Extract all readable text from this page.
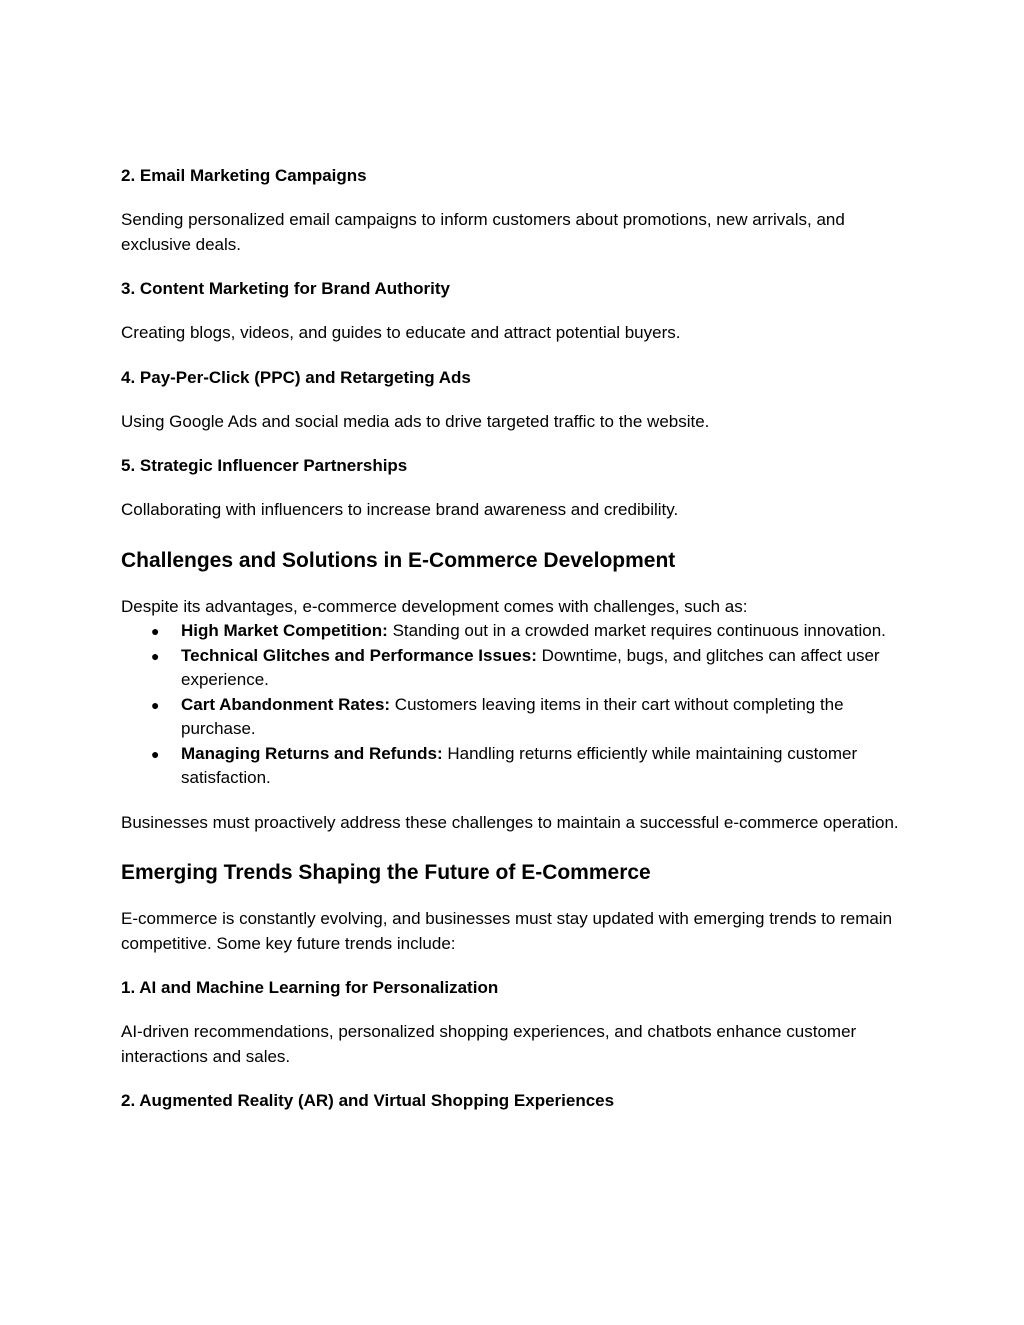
2. Email Marketing Campaigns

Sending personalized email campaigns to inform customers about promotions, new arrivals, and exclusive deals.

3. Content Marketing for Brand Authority

Creating blogs, videos, and guides to educate and attract potential buyers.

4. Pay-Per-Click (PPC) and Retargeting Ads

Using Google Ads and social media ads to drive targeted traffic to the website.

5. Strategic Influencer Partnerships

Collaborating with influencers to increase brand awareness and credibility.

Challenges and Solutions in E-Commerce Development

Despite its advantages, e-commerce development comes with challenges, such as:

● High Market Competition: Standing out in a crowded market requires continuous innovation.
● Technical Glitches and Performance Issues: Downtime, bugs, and glitches can affect user experience.
● Cart Abandonment Rates: Customers leaving items in their cart without completing the purchase.
● Managing Returns and Refunds: Handling returns efficiently while maintaining customer satisfaction.

Businesses must proactively address these challenges to maintain a successful e-commerce operation.

Emerging Trends Shaping the Future of E-Commerce

E-commerce is constantly evolving, and businesses must stay updated with emerging trends to remain competitive. Some key future trends include:

1. AI and Machine Learning for Personalization

AI-driven recommendations, personalized shopping experiences, and chatbots enhance customer interactions and sales.

2. Augmented Reality (AR) and Virtual Shopping Experiences
